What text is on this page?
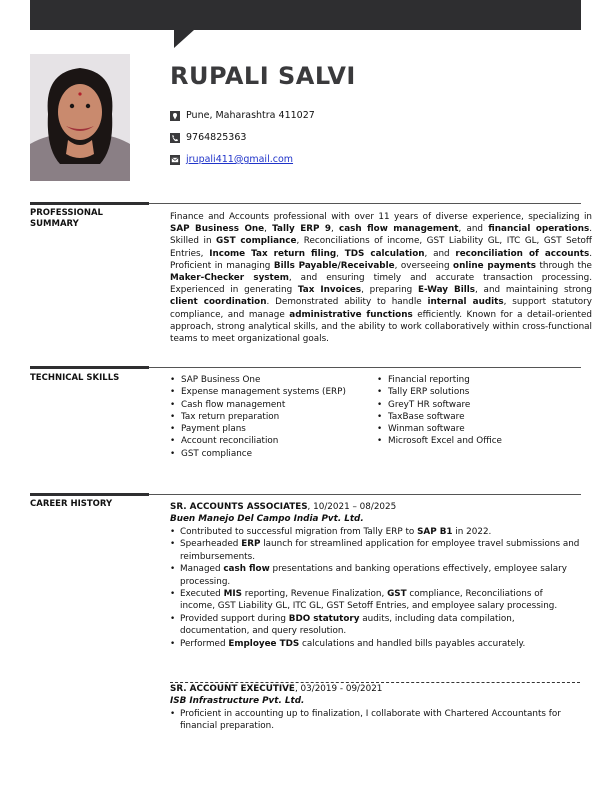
RUPALI SALVI
Pune, Maharashtra 411027
9764825363
jrupali411@gmail.com
PROFESSIONAL
SUMMARY
Finance and Accounts professional with over 11 years of diverse experience, specializing in SAP Business One, Tally ERP 9, cash flow management, and financial operations. Skilled in GST compliance, Reconciliations of income, GST Liability GL, ITC GL, GST Setoff Entries, Income Tax return filing, TDS calculation, and reconciliation of accounts. Proficient in managing Bills Payable/Receivable, overseeing online payments through the Maker-Checker system, and ensuring timely and accurate transaction processing. Experienced in generating Tax Invoices, preparing E-Way Bills, and maintaining strong client coordination. Demonstrated ability to handle internal audits, support statutory compliance, and manage administrative functions efficiently. Known for a detail-oriented approach, strong analytical skills, and the ability to work collaboratively within cross-functional teams to meet organizational goals.
TECHNICAL SKILLS
•	SAP Business One
• Expense management systems (ERP)
• Cash flow management
• Tax return preparation
• Payment plans
• Account reconciliation
• GST compliance
• Financial reporting
• Tally ERP solutions
• GreyT HR software
• TaxBase software
• Winman software
• Microsoft Excel and Office
CAREER HISTORY	SR. ACCOUNTS ASSOCIATES, 10/2021 – 08/2025
Buen Manejo Del Campo India Pvt. Ltd.
• Contributed to successful migration from Tally ERP to SAP B1 in 2022.
• Spearheaded ERP launch for streamlined application for employee travel submissions and reimbursements.
• Managed cash flow presentations and banking operations effectively, employee salary processing.
• Executed MIS reporting, Revenue Finalization, GST compliance, Reconciliations of income, GST Liability GL, ITC GL, GST Setoff Entries, and employee salary processing.
• Provided support during BDO statutory audits, including data compilation, documentation, and query resolution.
• Performed Employee TDS calculations and handled bills payables accurately.
SR. ACCOUNT EXECUTIVE, 03/2019 - 09/2021
ISB Infrastructure Pvt. Ltd.
• Proficient in accounting up to finalization, I collaborate with Chartered Accountants for financial preparation.
